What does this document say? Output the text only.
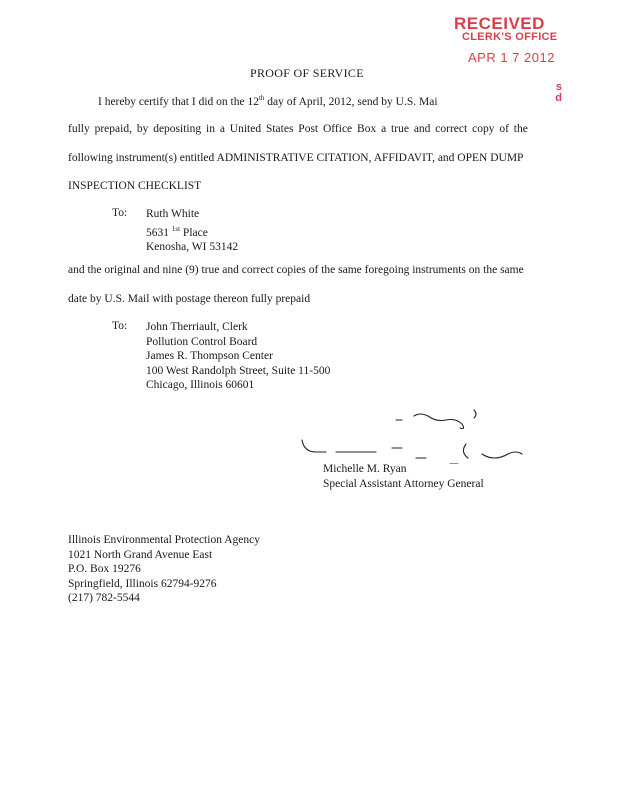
RECEIVED
CLERK'S OFFICE
APR 1 7 2012
s
d
PROOF OF SERVICE
I hereby certify that I did on the 12th day of April, 2012, send by U.S. Mai
fully prepaid, by depositing in a United States Post Office Box a true and correct copy of the
following instrument(s) entitled ADMINISTRATIVE CITATION, AFFIDAVIT, and OPEN DUMP
INSPECTION CHECKLIST
To: Ruth White
5631 $^{1st}$ Place
Kenosha, WI 53142
and the original and nine (9) true and correct copies of the same foregoing instruments on the same
date by U.S. Mail with postage thereon fully prepaid
To: John Therriault, Clerk
Pollution Control Board
James R. Thompson Center
100 West Randolph Street, Suite 11-500
Chicago, Illinois 60601
Michelle M. Ryan
Special Assistant Attorney General
Illinois Environmental Protection Agency
1021 North Grand Avenue East
P.O. Box 19276
Springfield, Illinois 62794-9276
(217) 782-5544
